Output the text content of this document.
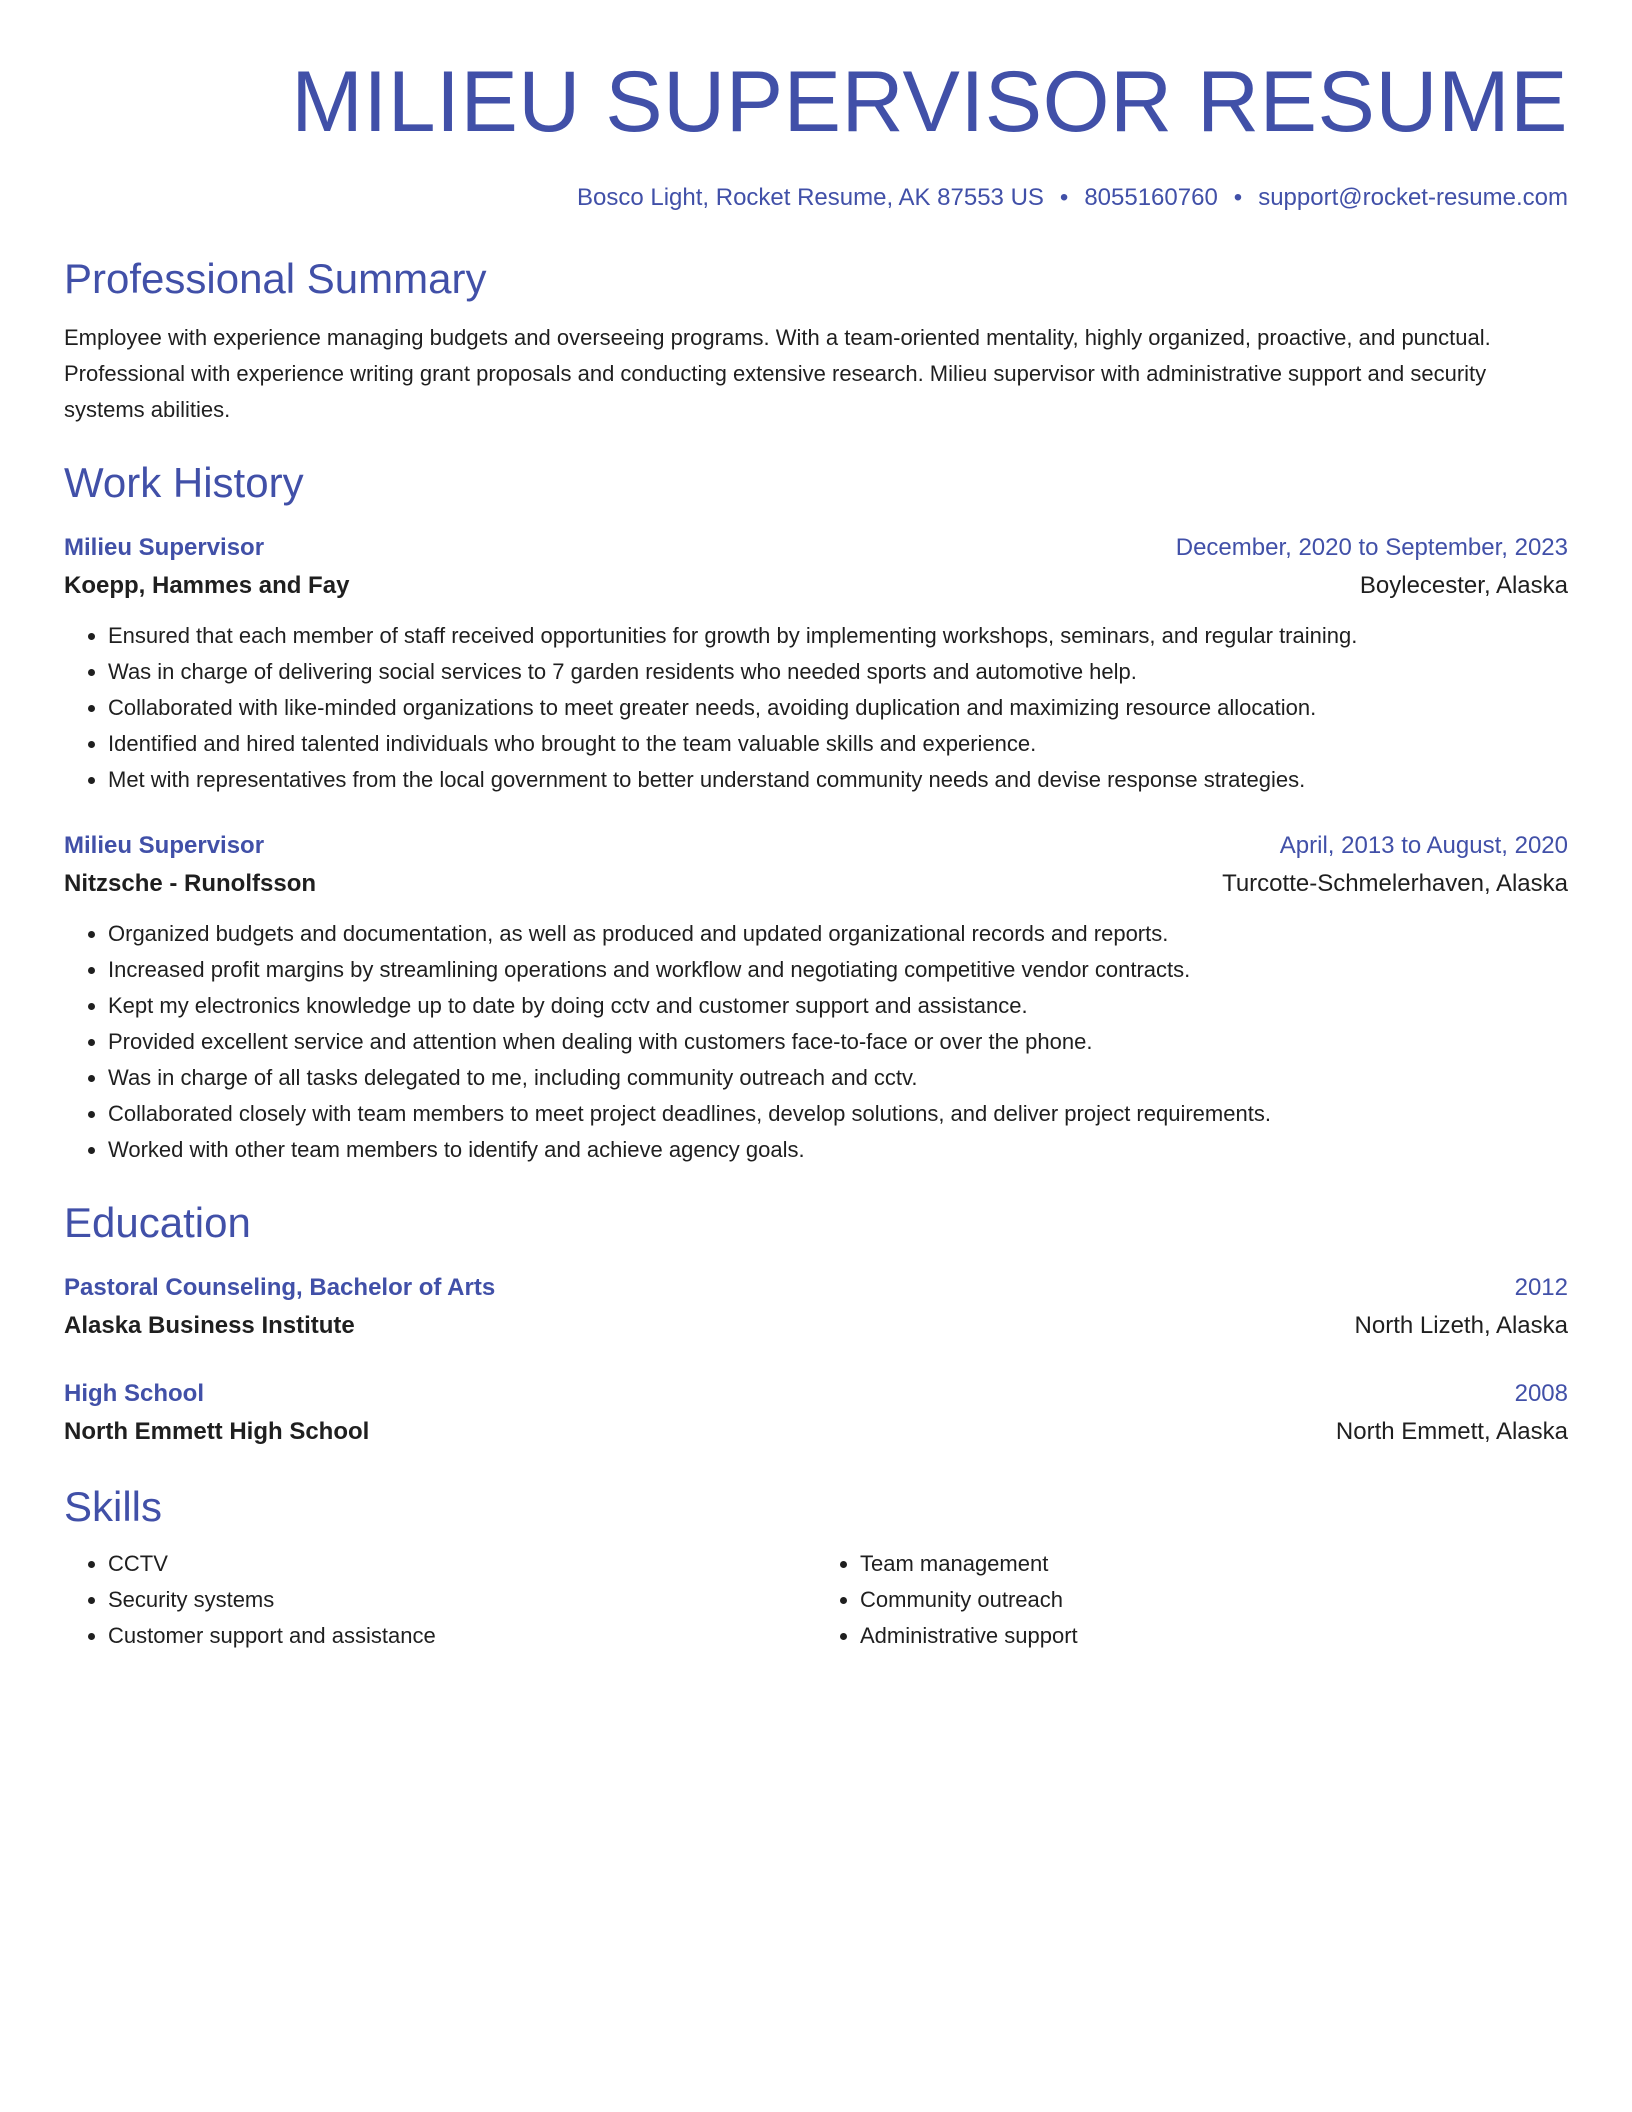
MILIEU SUPERVISOR RESUME
Bosco Light, Rocket Resume, AK 87553 US • 8055160760 • support@rocket-resume.com
Professional Summary
Employee with experience managing budgets and overseeing programs. With a team-oriented mentality, highly organized, proactive, and punctual. Professional with experience writing grant proposals and conducting extensive research. Milieu supervisor with administrative support and security systems abilities.
Work History
Milieu Supervisor	December, 2020 to September, 2023
Koepp, Hammes and Fay	Boylecester, Alaska
• Ensured that each member of staff received opportunities for growth by implementing workshops, seminars, and regular training.
• Was in charge of delivering social services to 7 garden residents who needed sports and automotive help.
• Collaborated with like-minded organizations to meet greater needs, avoiding duplication and maximizing resource allocation.
• Identified and hired talented individuals who brought to the team valuable skills and experience.
• Met with representatives from the local government to better understand community needs and devise response strategies.
Milieu Supervisor	April, 2013 to August, 2020
Nitzsche - Runolfsson	Turcotte-Schmelerhaven, Alaska
• Organized budgets and documentation, as well as produced and updated organizational records and reports.
• Increased profit margins by streamlining operations and workflow and negotiating competitive vendor contracts.
• Kept my electronics knowledge up to date by doing cctv and customer support and assistance.
• Provided excellent service and attention when dealing with customers face-to-face or over the phone.
• Was in charge of all tasks delegated to me, including community outreach and cctv.
• Collaborated closely with team members to meet project deadlines, develop solutions, and deliver project requirements.
• Worked with other team members to identify and achieve agency goals.
Education
Pastoral Counseling, Bachelor of Arts	2012
Alaska Business Institute	North Lizeth, Alaska
High School	2008
North Emmett High School	North Emmett, Alaska
Skills
• CCTV
• Security systems
• Customer support and assistance
• Team management
• Community outreach
• Administrative support
